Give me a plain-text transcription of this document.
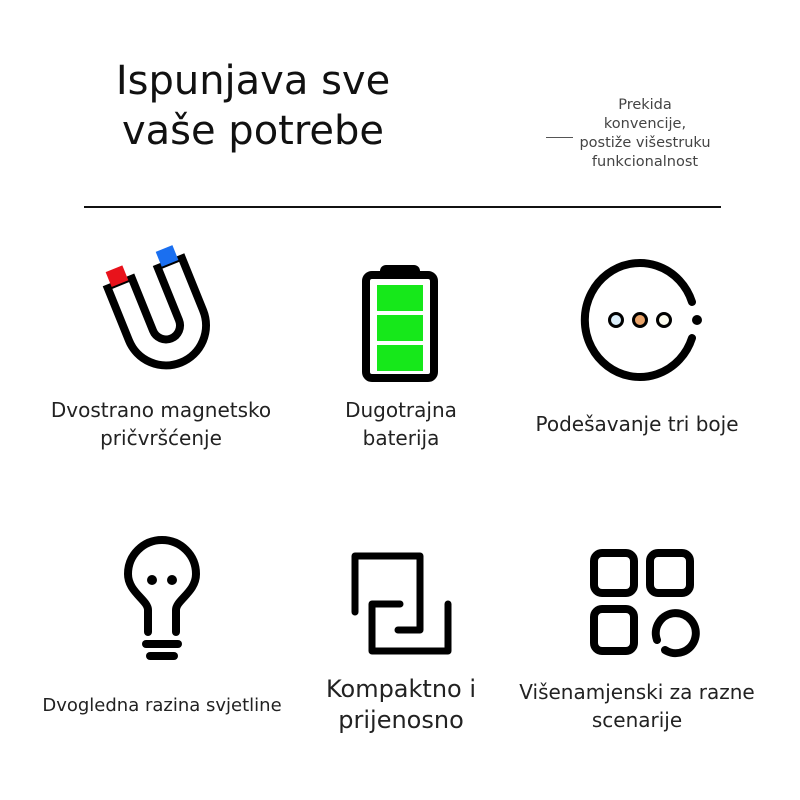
Ispunjava sve
vaše potrebe
Prekida
konvencije,
postiže višestruku
funkcionalnost
Dvostrano magnetsko
pričvršćenje
Dugotrajna
baterija
Podešavanje tri boje
Dvogledna razina svjetline
Kompaktno i
prijenosno
Višenamjenski za razne
scenarije
